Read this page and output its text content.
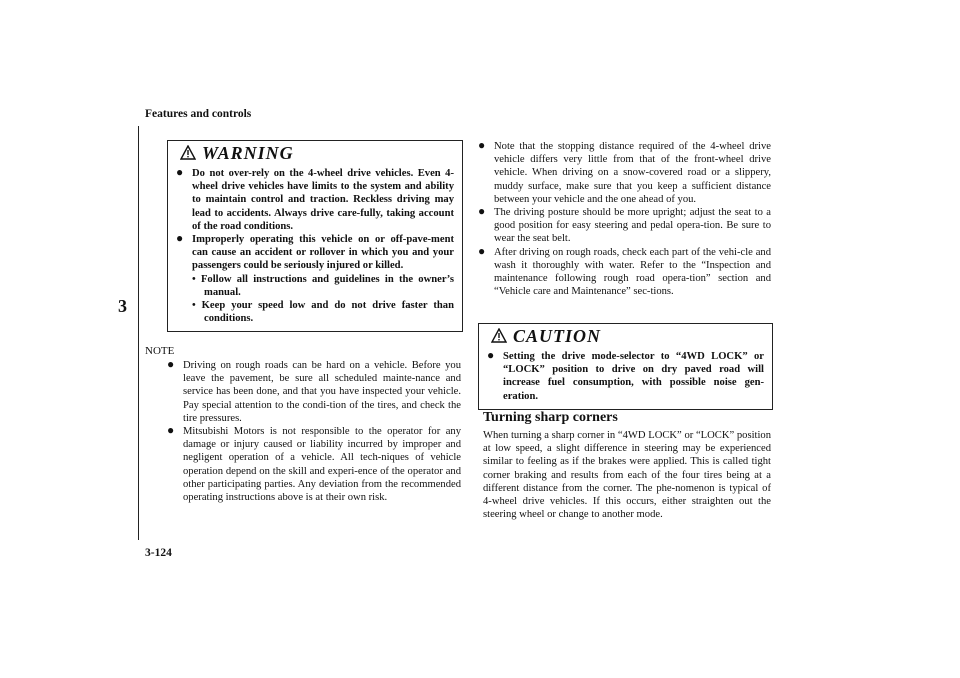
Features and controls
3
WARNING
● Do not over-rely on the 4-wheel drive vehicles. Even 4-wheel drive vehicles have limits to the system and ability to maintain control and traction. Reckless driving may lead to accidents. Always drive care-fully, taking account of the road conditions.
● Improperly operating this vehicle on or off-pave-ment can cause an accident or rollover in which you and your passengers could be seriously injured or killed.
• Follow all instructions and guidelines in the owner’s manual.
• Keep your speed low and do not drive faster than conditions.
NOTE
● Driving on rough roads can be hard on a vehicle. Before you leave the pavement, be sure all scheduled mainte-nance and service has been done, and that you have inspected your vehicle. Pay special attention to the condi-tion of the tires, and check the tire pressures.
● Mitsubishi Motors is not responsible to the operator for any damage or injury caused or liability incurred by improper and negligent operation of a vehicle. All tech-niques of vehicle operation depend on the skill and experi-ence of the operator and other participating parties. Any deviation from the recommended operating instructions above is at their own risk.
● Note that the stopping distance required of the 4-wheel drive vehicle differs very little from that of the front-wheel drive vehicle. When driving on a snow-covered road or a slippery, muddy surface, make sure that you keep a sufficient distance between your vehicle and the one ahead of you.
● The driving posture should be more upright; adjust the seat to a good position for easy steering and pedal opera-tion. Be sure to wear the seat belt.
● After driving on rough roads, check each part of the vehi-cle and wash it thoroughly with water. Refer to the “Inspection and maintenance following rough road opera-tion” section and “Vehicle care and Maintenance” sec-tions.
CAUTION
● Setting the drive mode-selector to “4WD LOCK” or “LOCK” position to drive on dry paved road will increase fuel consumption, with possible noise gen-eration.
Turning sharp corners

When turning a sharp corner in “4WD LOCK” or “LOCK” position at low speed, a slight difference in steering may be experienced similar to feeling as if the brakes were applied. This is called tight corner braking and results from each of the four tires being at a different distance from the corner. The phe-nomenon is typical of 4-wheel drive vehicles. If this occurs, either straighten out the steering wheel or change to another mode.

3-124
